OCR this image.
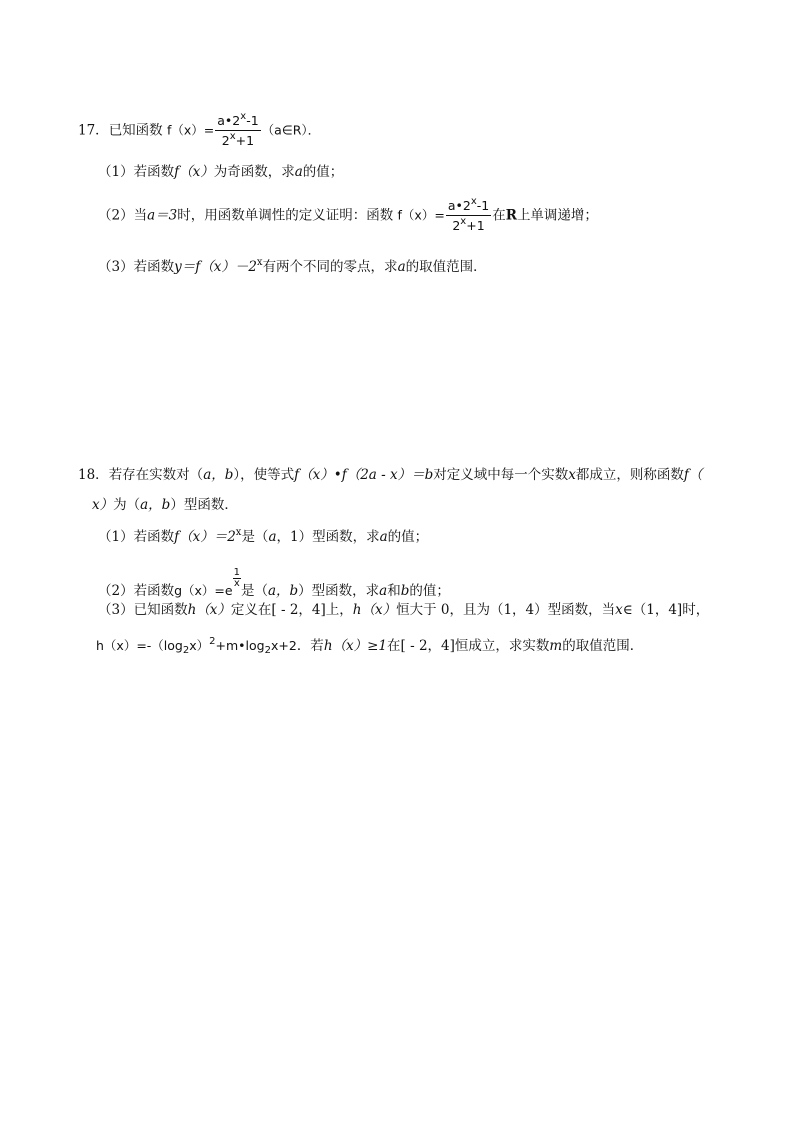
17．已知函数 $f(x)= \frac{a•2^x-1}{2^x+1}$ （a∈R）．
（1）若函数f（x）为奇函数，求a的值；
（2）当a＝3时，用函数单调性的定义证明：函数 $f(x)= \frac{a•2^x-1}{2^x+1}$ 在R上单调递增；
（3）若函数$y=f(x)-2^x$有两个不同的零点，求a的取值范围．
18．若存在实数对（a，b），使等式f（x）•f（2a - x）＝b对定义域中每一个实数x都成立，则称函数f（
x）为（a，b）型函数．
（1）若函数$f(x)=2^x$是（a，1）型函数，求a的值；
（2）若函数g（x）=e
$\frac{1}{x}$
是（a，b）型函数，求a和b的值；
（3）已知函数h（x）定义在[ - 2，4]上，h（x）恒大于 0，且为（1，4）型函数，当x∈（1，4]时，
$h(x)=-(\log_2x)^2+m•\log_2x+2$．若h（x）≥1在[ - 2，4]恒成立，求实数m的取值范围．
